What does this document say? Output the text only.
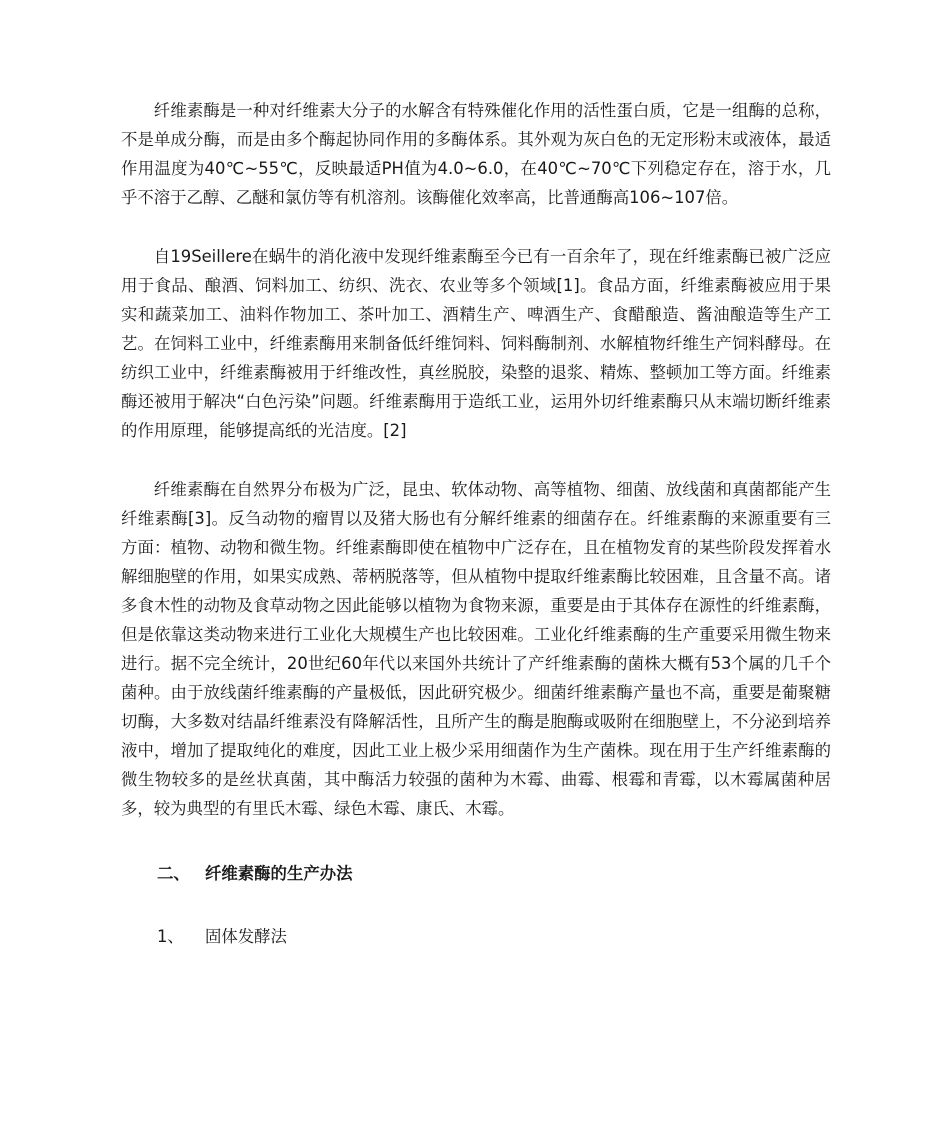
纤维素酶是一种对纤维素大分子的水解含有特殊催化作用的活性蛋白质，它是一组酶的总称，不是单成分酶，而是由多个酶起协同作用的多酶体系。其外观为灰白色的无定形粉末或液体，最适作用温度为40℃~55℃，反映最适PH值为4.0~6.0，在40℃~70℃下列稳定存在，溶于水，几乎不溶于乙醇、乙醚和氯仿等有机溶剂。该酶催化效率高，比普通酶高106~107倍。

自19Seillere在蜗牛的消化液中发现纤维素酶至今已有一百余年了，现在纤维素酶已被广泛应用于食品、酿酒、饲料加工、纺织、洗衣、农业等多个领域[1]。食品方面，纤维素酶被应用于果实和蔬菜加工、油料作物加工、茶叶加工、酒精生产、啤酒生产、食醋酿造、酱油酿造等生产工艺。在饲料工业中，纤维素酶用来制备低纤维饲料、饲料酶制剂、水解植物纤维生产饲料酵母。在纺织工业中，纤维素酶被用于纤维改性，真丝脱胶，染整的退浆、精炼、整顿加工等方面。纤维素酶还被用于解决“白色污染”问题。纤维素酶用于造纸工业，运用外切纤维素酶只从末端切断纤维素的作用原理，能够提高纸的光洁度。[2]

纤维素酶在自然界分布极为广泛，昆虫、软体动物、高等植物、细菌、放线菌和真菌都能产生纤维素酶[3]。反刍动物的瘤胃以及猪大肠也有分解纤维素的细菌存在。纤维素酶的来源重要有三方面：植物、动物和微生物。纤维素酶即使在植物中广泛存在，且在植物发育的某些阶段发挥着水解细胞壁的作用，如果实成熟、蒂柄脱落等，但从植物中提取纤维素酶比较困难，且含量不高。诸多食木性的动物及食草动物之因此能够以植物为食物来源，重要是由于其体存在源性的纤维素酶，但是依靠这类动物来进行工业化大规模生产也比较困难。工业化纤维素酶的生产重要采用微生物来进行。据不完全统计，20世纪60年代以来国外共统计了产纤维素酶的菌株大概有53个属的几千个菌种。由于放线菌纤维素酶的产量极低，因此研究极少。细菌纤维素酶产量也不高，重要是葡聚糖切酶，大多数对结晶纤维素没有降解活性，且所产生的酶是胞酶或吸附在细胞壁上，不分泌到培养液中，增加了提取纯化的难度，因此工业上极少采用细菌作为生产菌株。现在用于生产纤维素酶的微生物较多的是丝状真菌，其中酶活力较强的菌种为木霉、曲霉、根霉和青霉，以木霉属菌种居多，较为典型的有里氏木霉、绿色木霉、康氏、木霉。

二、 纤维素酶的生产办法

1、 固体发酵法
